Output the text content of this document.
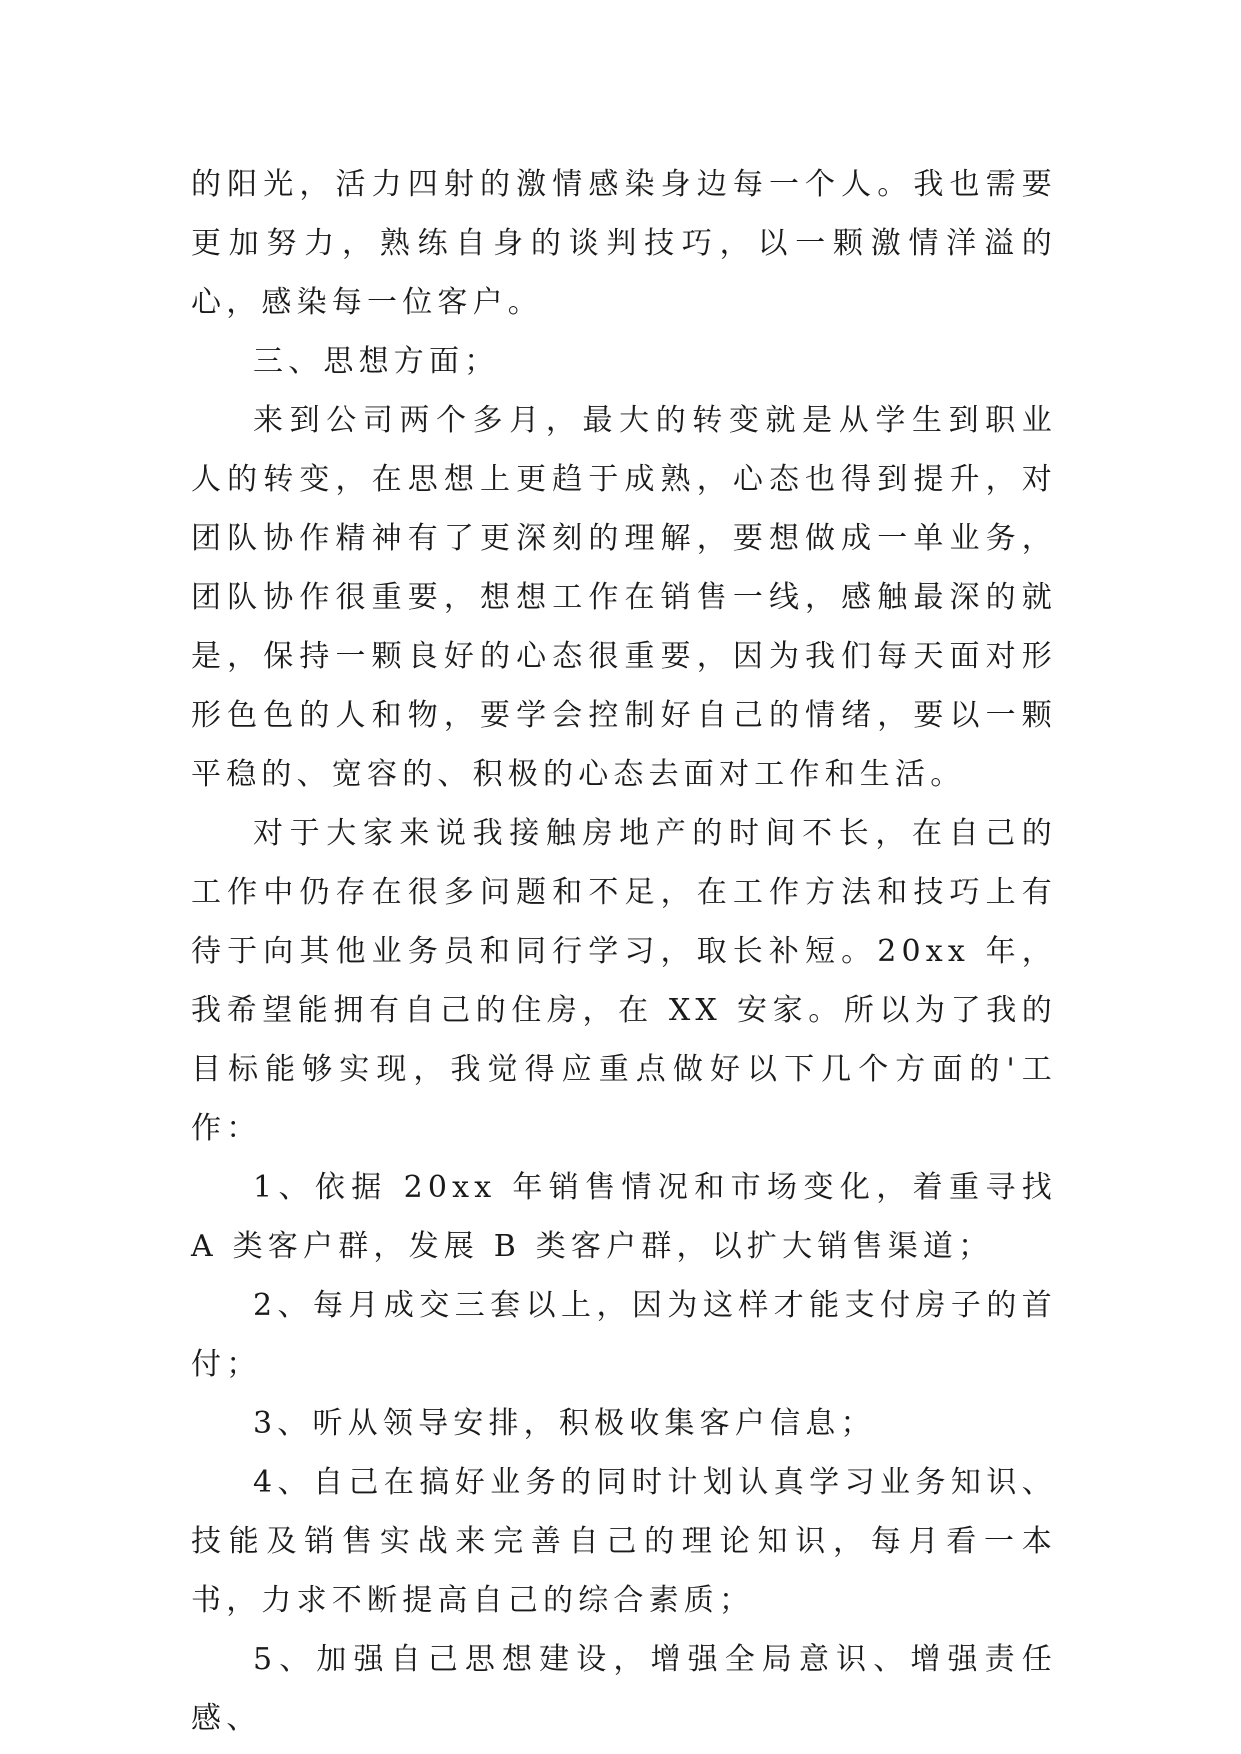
的阳光，活力四射的激情感染身边每一个人。我也需要更加努力，熟练自身的谈判技巧，以一颗激情洋溢的心，感染每一位客户。

三、思想方面；

来到公司两个多月，最大的转变就是从学生到职业人的转变，在思想上更趋于成熟，心态也得到提升，对团队协作精神有了更深刻的理解，要想做成一单业务，团队协作很重要，想想工作在销售一线，感触最深的就是，保持一颗良好的心态很重要，因为我们每天面对形形色色的人和物，要学会控制好自己的情绪，要以一颗平稳的、宽容的、积极的心态去面对工作和生活。

对于大家来说我接触房地产的时间不长，在自己的工作中仍存在很多问题和不足，在工作方法和技巧上有待于向其他业务员和同行学习，取长补短。20xx 年，我希望能拥有自己的住房，在 XX 安家。所以为了我的目标能够实现，我觉得应重点做好以下几个方面的'工作：

1、依据 20xx 年销售情况和市场变化，着重寻找 A 类客户群，发展 B 类客户群，以扩大销售渠道；

2、每月成交三套以上，因为这样才能支付房子的首付；

3、听从领导安排，积极收集客户信息；

4、自己在搞好业务的同时计划认真学习业务知识、技能及销售实战来完善自己的理论知识，每月看一本书，力求不断提高自己的综合素质；

5、加强自己思想建设，增强全局意识、增强责任感、
